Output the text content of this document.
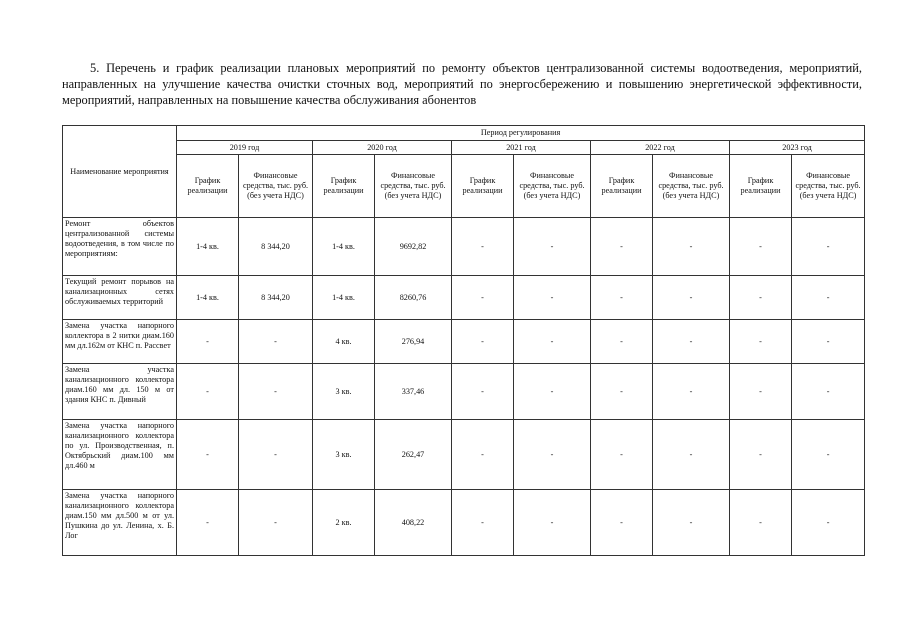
5. Перечень и график реализации плановых мероприятий по ремонту объектов централизованной системы водоотведения, мероприятий, направленных на улучшение качества очистки сточных вод, мероприятий по энергосбережению и повышению энергетической эффективности, мероприятий, направленных на повышение качества обслуживания абонентов
Наименование мероприятия	Период регулирования									
	2019 год		2020 год		2021 год		2022 год		2023 год	
	График реализации	Финансовые средства, тыс. руб. (без учета НДС)	График реализации	Финансовые средства, тыс. руб. (без учета НДС)	График реализации	Финансовые средства, тыс. руб. (без учета НДС)	График реализации	Финансовые средства, тыс. руб. (без учета НДС)	График реализации	Финансовые средства, тыс. руб. (без учета НДС)
Ремонт объектов централизованной системы водоотведения, в том числе по мероприятиям:	1-4 кв.	8 344,20	1-4 кв.	9692,82	-	-	-	-	-	-
Текущий ремонт порывов на канализационных сетях обслуживаемых территорий	1-4 кв.	8 344,20	1-4 кв.	8260,76	-	-	-	-	-	-
Замена участка напорного коллектора в 2 нитки диам.160 мм дл.162м от КНС п. Рассвет	-	-	4 кв.	276,94	-	-	-	-	-	-
Замена участка канализационного коллектора диам.160 мм дл. 150 м от здания КНС п. Дивный	-	-	3 кв.	337,46	-	-	-	-	-	-
Замена участка напорного канализационного коллектора по ул. Производственная, п. Октябрьский диам.100 мм дл.460 м	-	-	3 кв.	262,47	-	-	-	-	-	-
Замена участка напорного канализационного коллектора диам.150 мм дл.500 м от ул. Пушкина до ул. Ленина, х. Б. Лог	-	-	2 кв.	408,22	-	-	-	-	-	-
